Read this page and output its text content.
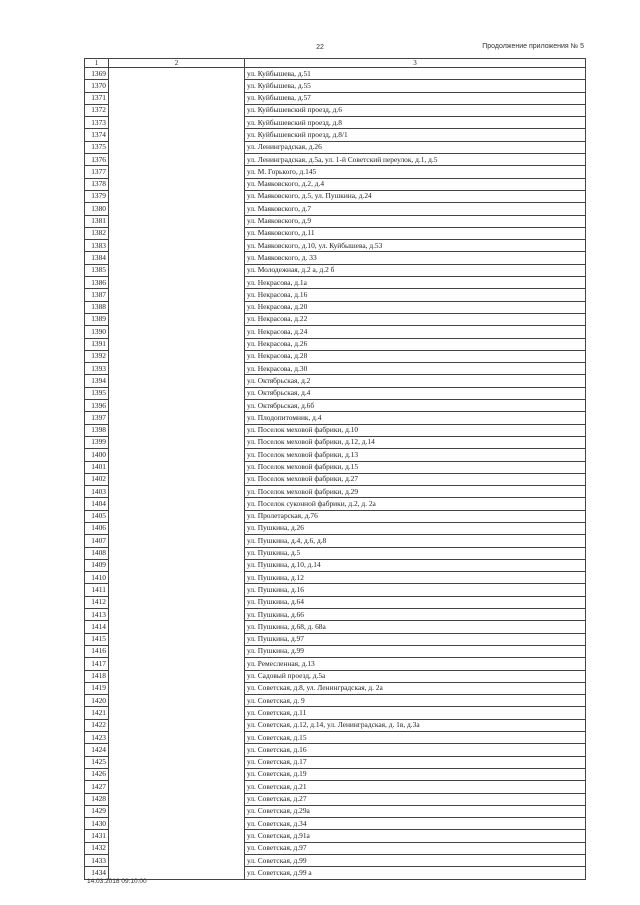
22	Продолжение приложения № 5
1	2	3
1369		ул. Куйбышева, д.51
1370		ул. Куйбышева, д.55
1371		ул. Куйбышева, д.57
1372		ул. Куйбышевский проезд, д.6
1373		ул. Куйбышевский проезд, д.8
1374		ул. Куйбышевский проезд, д.8/1
1375		ул. Ленинградская, д.26
1376		ул. Ленинградская, д.5а, ул. 1-й Советский переулок, д.1, д.5
1377		ул. М. Горького, д.145
1378		ул. Маяковского, д.2, д.4
1379		ул. Маяковского, д.5, ул. Пушкина, д.24
1380		ул. Маяковского, д.7
1381		ул. Маяковского, д.9
1382		ул. Маяковского, д.11
1383		ул. Маяковского, д.10, ул. Куйбышева, д.53
1384		ул. Маяковского, д. 33
1385		ул. Молодежная, д.2 а, д.2 б
1386		ул. Некрасова, д.1а
1387		ул. Некрасова, д.16
1388		ул. Некрасова, д.20
1389		ул. Некрасова, д.22
1390		ул. Некрасова, д.24
1391		ул. Некрасова, д.26
1392		ул. Некрасова, д.28
1393		ул. Некрасова, д.30
1394		ул. Октябрьская, д.2
1395		ул. Октябрьская, д.4
1396		ул. Октябрьская, д.6б
1397		ул. Плодопитомник, д.4
1398		ул. Поселок меховой фабрики, д.10
1399		ул. Поселок меховой фабрики, д.12, д.14
1400		ул. Поселок меховой фабрики, д.13
1401		ул. Поселок меховой фабрики, д.15
1402		ул. Поселок меховой фабрики, д.27
1403		ул. Поселок меховой фабрики, д.29
1404		ул. Поселок суконной фабрики, д.2, д. 2а
1405		ул. Пролетарская, д.76
1406		ул. Пушкина, д.26
1407		ул. Пушкина, д.4, д.6, д.8
1408		ул. Пушкина, д.5
1409		ул. Пушкина, д.10, д.14
1410		ул. Пушкина, д.12
1411		ул. Пушкина, д.16
1412		ул. Пушкина, д.64
1413		ул. Пушкина, д.66
1414		ул. Пушкина, д.68, д. 68а
1415		ул. Пушкина, д.97
1416		ул. Пушкина, д.99
1417		ул. Ремесленная, д.13
1418		ул. Садовый проезд, д.5а
1419		ул. Советская, д.8, ул. Ленинградская, д. 2а
1420		ул. Советская, д. 9
1421		ул. Советская, д.11
1422		ул. Советская, д.12, д.14, ул. Ленинградская, д. 1в, д.3а
1423		ул. Советская, д.15
1424		ул. Советская, д.16
1425		ул. Советская, д.17
1426		ул. Советская, д.19
1427		ул. Советская, д.21
1428		ул. Советская, д.27
1429		ул. Советская, д.29а
1430		ул. Советская, д.34
1431		ул. Советская, д.91а
1432		ул. Советская, д.97
1433		ул. Советская, д.99
1434		ул. Советская, д.99 а
14.03.2018 09:10:00
